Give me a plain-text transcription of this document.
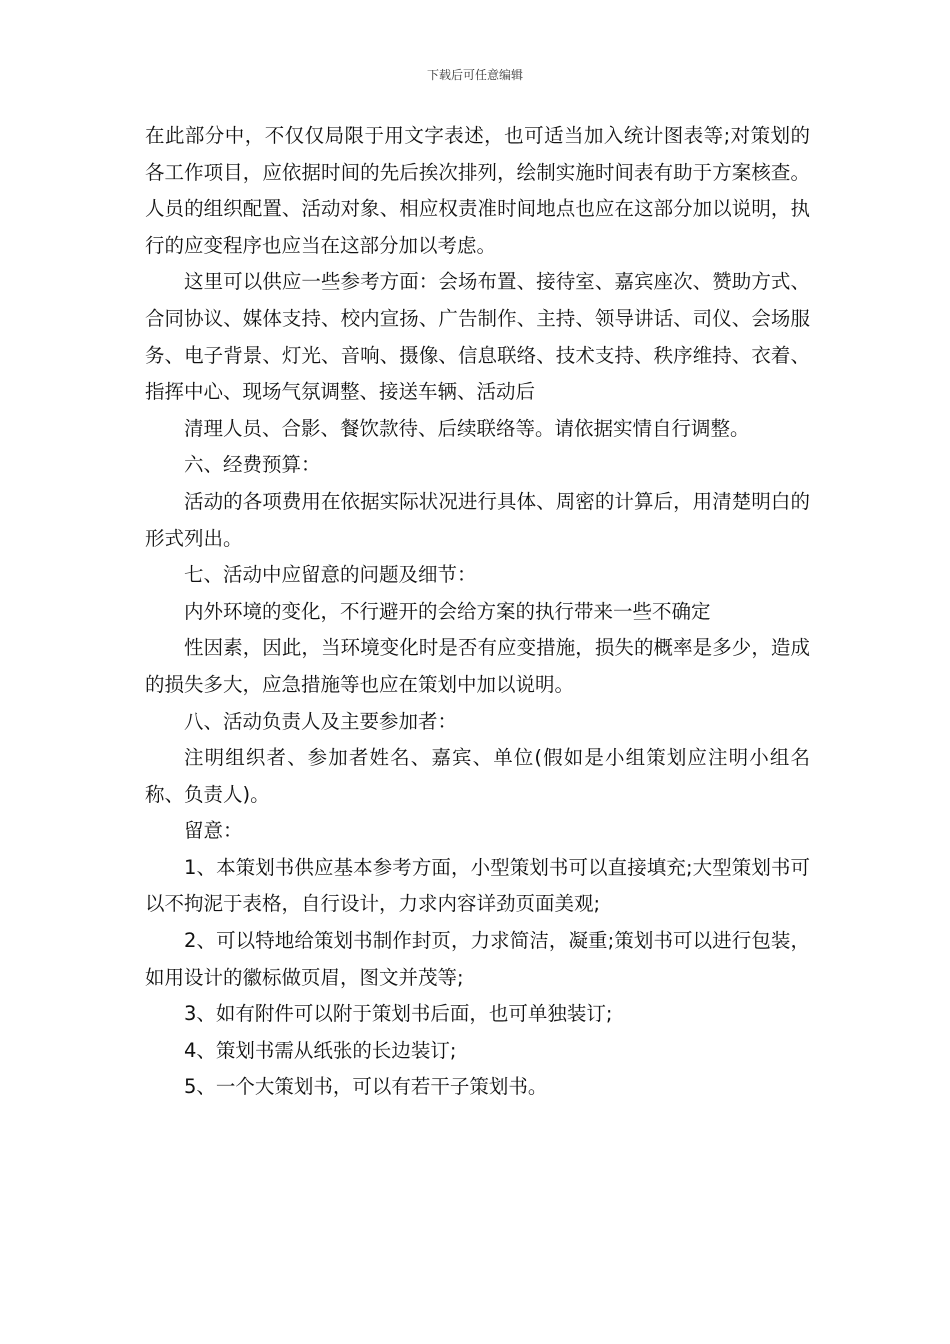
下载后可任意编辑

在此部分中，不仅仅局限于用文字表述，也可适当加入统计图表等;对策划的各工作项目，应依据时间的先后挨次排列，绘制实施时间表有助于方案核查。人员的组织配置、活动对象、相应权责准时间地点也应在这部分加以说明，执行的应变程序也应当在这部分加以考虑。

这里可以供应一些参考方面：会场布置、接待室、嘉宾座次、赞助方式、合同协议、媒体支持、校内宣扬、广告制作、主持、领导讲话、司仪、会场服务、电子背景、灯光、音响、摄像、信息联络、技术支持、秩序维持、衣着、指挥中心、现场气氛调整、接送车辆、活动后

清理人员、合影、餐饮款待、后续联络等。请依据实情自行调整。

六、经费预算：

活动的各项费用在依据实际状况进行具体、周密的计算后，用清楚明白的形式列出。

七、活动中应留意的问题及细节：

内外环境的变化，不行避开的会给方案的执行带来一些不确定

性因素，因此，当环境变化时是否有应变措施，损失的概率是多少，造成的损失多大，应急措施等也应在策划中加以说明。

八、活动负责人及主要参加者：

注明组织者、参加者姓名、嘉宾、单位(假如是小组策划应注明小组名称、负责人)。

留意：

1、本策划书供应基本参考方面，小型策划书可以直接填充;大型策划书可以不拘泥于表格，自行设计，力求内容详劲页面美观;

2、可以特地给策划书制作封页，力求简洁，凝重;策划书可以进行包装，如用设计的徽标做页眉，图文并茂等;

3、如有附件可以附于策划书后面，也可单独装订;

4、策划书需从纸张的长边装订;

5、一个大策划书，可以有若干子策划书。
